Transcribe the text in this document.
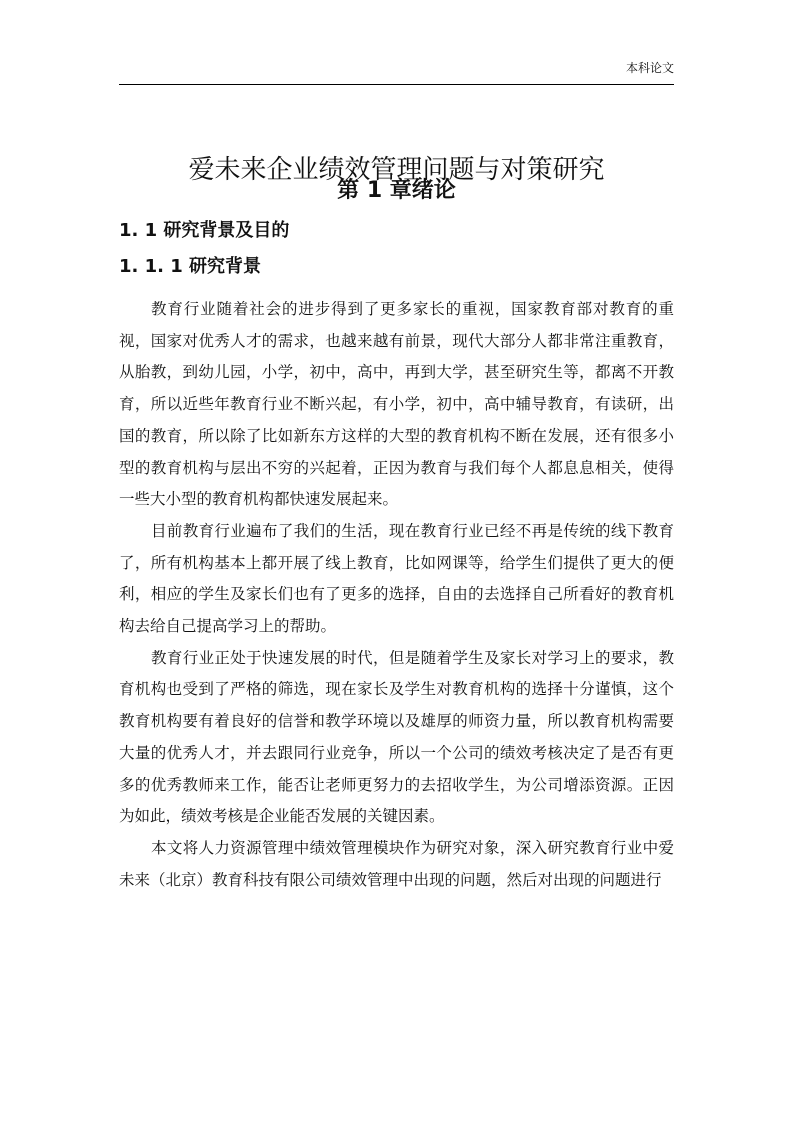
本科论文
爱未来企业绩效管理问题与对策研究
第 1 章绪论
1. 1 研究背景及目的
1. 1. 1 研究背景

教育行业随着社会的进步得到了更多家长的重视，国家教育部对教育的重视，国家对优秀人才的需求，也越来越有前景，现代大部分人都非常注重教育，从胎教，到幼儿园，小学，初中，高中，再到大学，甚至研究生等，都离不开教育，所以近些年教育行业不断兴起，有小学，初中，高中辅导教育，有读研，出国的教育，所以除了比如新东方这样的大型的教育机构不断在发展，还有很多小型的教育机构与层出不穷的兴起着，正因为教育与我们每个人都息息相关，使得一些大小型的教育机构都快速发展起来。

目前教育行业遍布了我们的生活，现在教育行业已经不再是传统的线下教育了，所有机构基本上都开展了线上教育，比如网课等，给学生们提供了更大的便利，相应的学生及家长们也有了更多的选择，自由的去选择自己所看好的教育机构去给自己提高学习上的帮助。

教育行业正处于快速发展的时代，但是随着学生及家长对学习上的要求，教育机构也受到了严格的筛选，现在家长及学生对教育机构的选择十分谨慎，这个教育机构要有着良好的信誉和教学环境以及雄厚的师资力量，所以教育机构需要大量的优秀人才，并去跟同行业竞争，所以一个公司的绩效考核决定了是否有更多的优秀教师来工作，能否让老师更努力的去招收学生，为公司增添资源。正因为如此，绩效考核是企业能否发展的关键因素。

本文将人力资源管理中绩效管理模块作为研究对象，深入研究教育行业中爱未来（北京）教育科技有限公司绩效管理中出现的问题，然后对出现的问题进行
